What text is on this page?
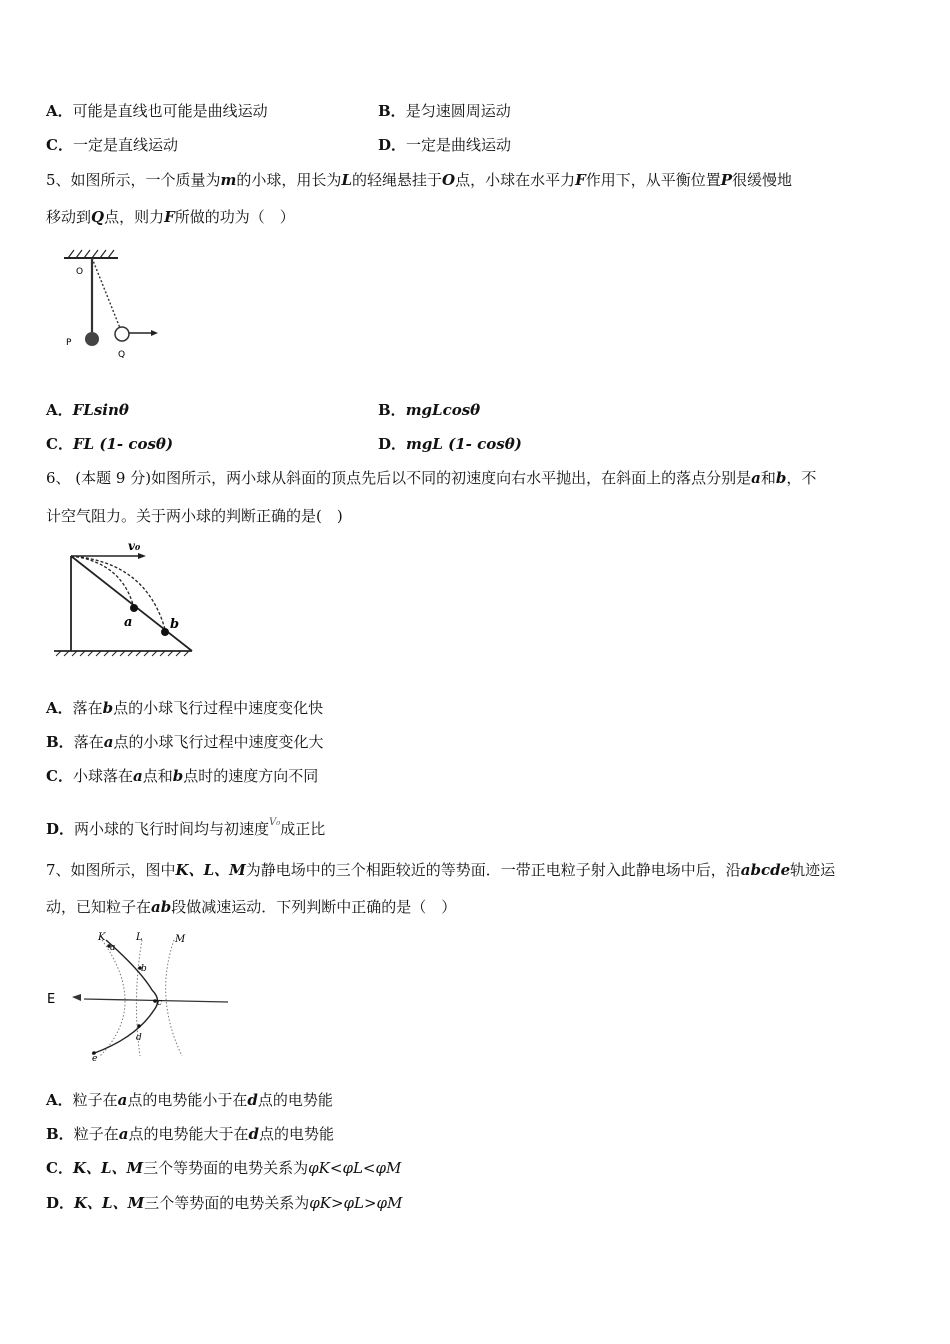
A．可能是直线也可能是曲线运动	B．是匀速圆周运动
C．一定是直线运动	D．一定是曲线运动
5、如图所示，一个质量为m的小球，用长为L的轻绳悬挂于O点，小球在水平力F作用下，从平衡位置P很缓慢地
移动到Q点，则力F所做的功为（　）
O
P
Q
A．FLsinθ	B．mgLcosθ
C．FL (1- cosθ)	D．mgL (1- cosθ)
6、 (本题 9 分)如图所示，两小球从斜面的顶点先后以不同的初速度向右水平抛出，在斜面上的落点分别是a和b，不
计空气阻力。关于两小球的判断正确的是(　)
v₀
a	b
A．落在b点的小球飞行过程中速度变化快
B．落在a点的小球飞行过程中速度变化大
C．小球落在a点和b点时的速度方向不同
D．两小球的飞行时间均与初速度$^{V_0}$成正比
7、如图所示，图中K、L、M为静电场中的三个相距较近的等势面．一带正电粒子射入此静电场中后，沿abcde轨迹运
动，已知粒子在ab段做减速运动．下列判断中正确的是（　）
K	L	M
E
a
b
c
d
e
A．粒子在a点的电势能小于在d点的电势能
B．粒子在a点的电势能大于在d点的电势能
C．K、L、M三个等势面的电势关系为φK<φL<φM
D．K、L、M三个等势面的电势关系为φK>φL>φM
